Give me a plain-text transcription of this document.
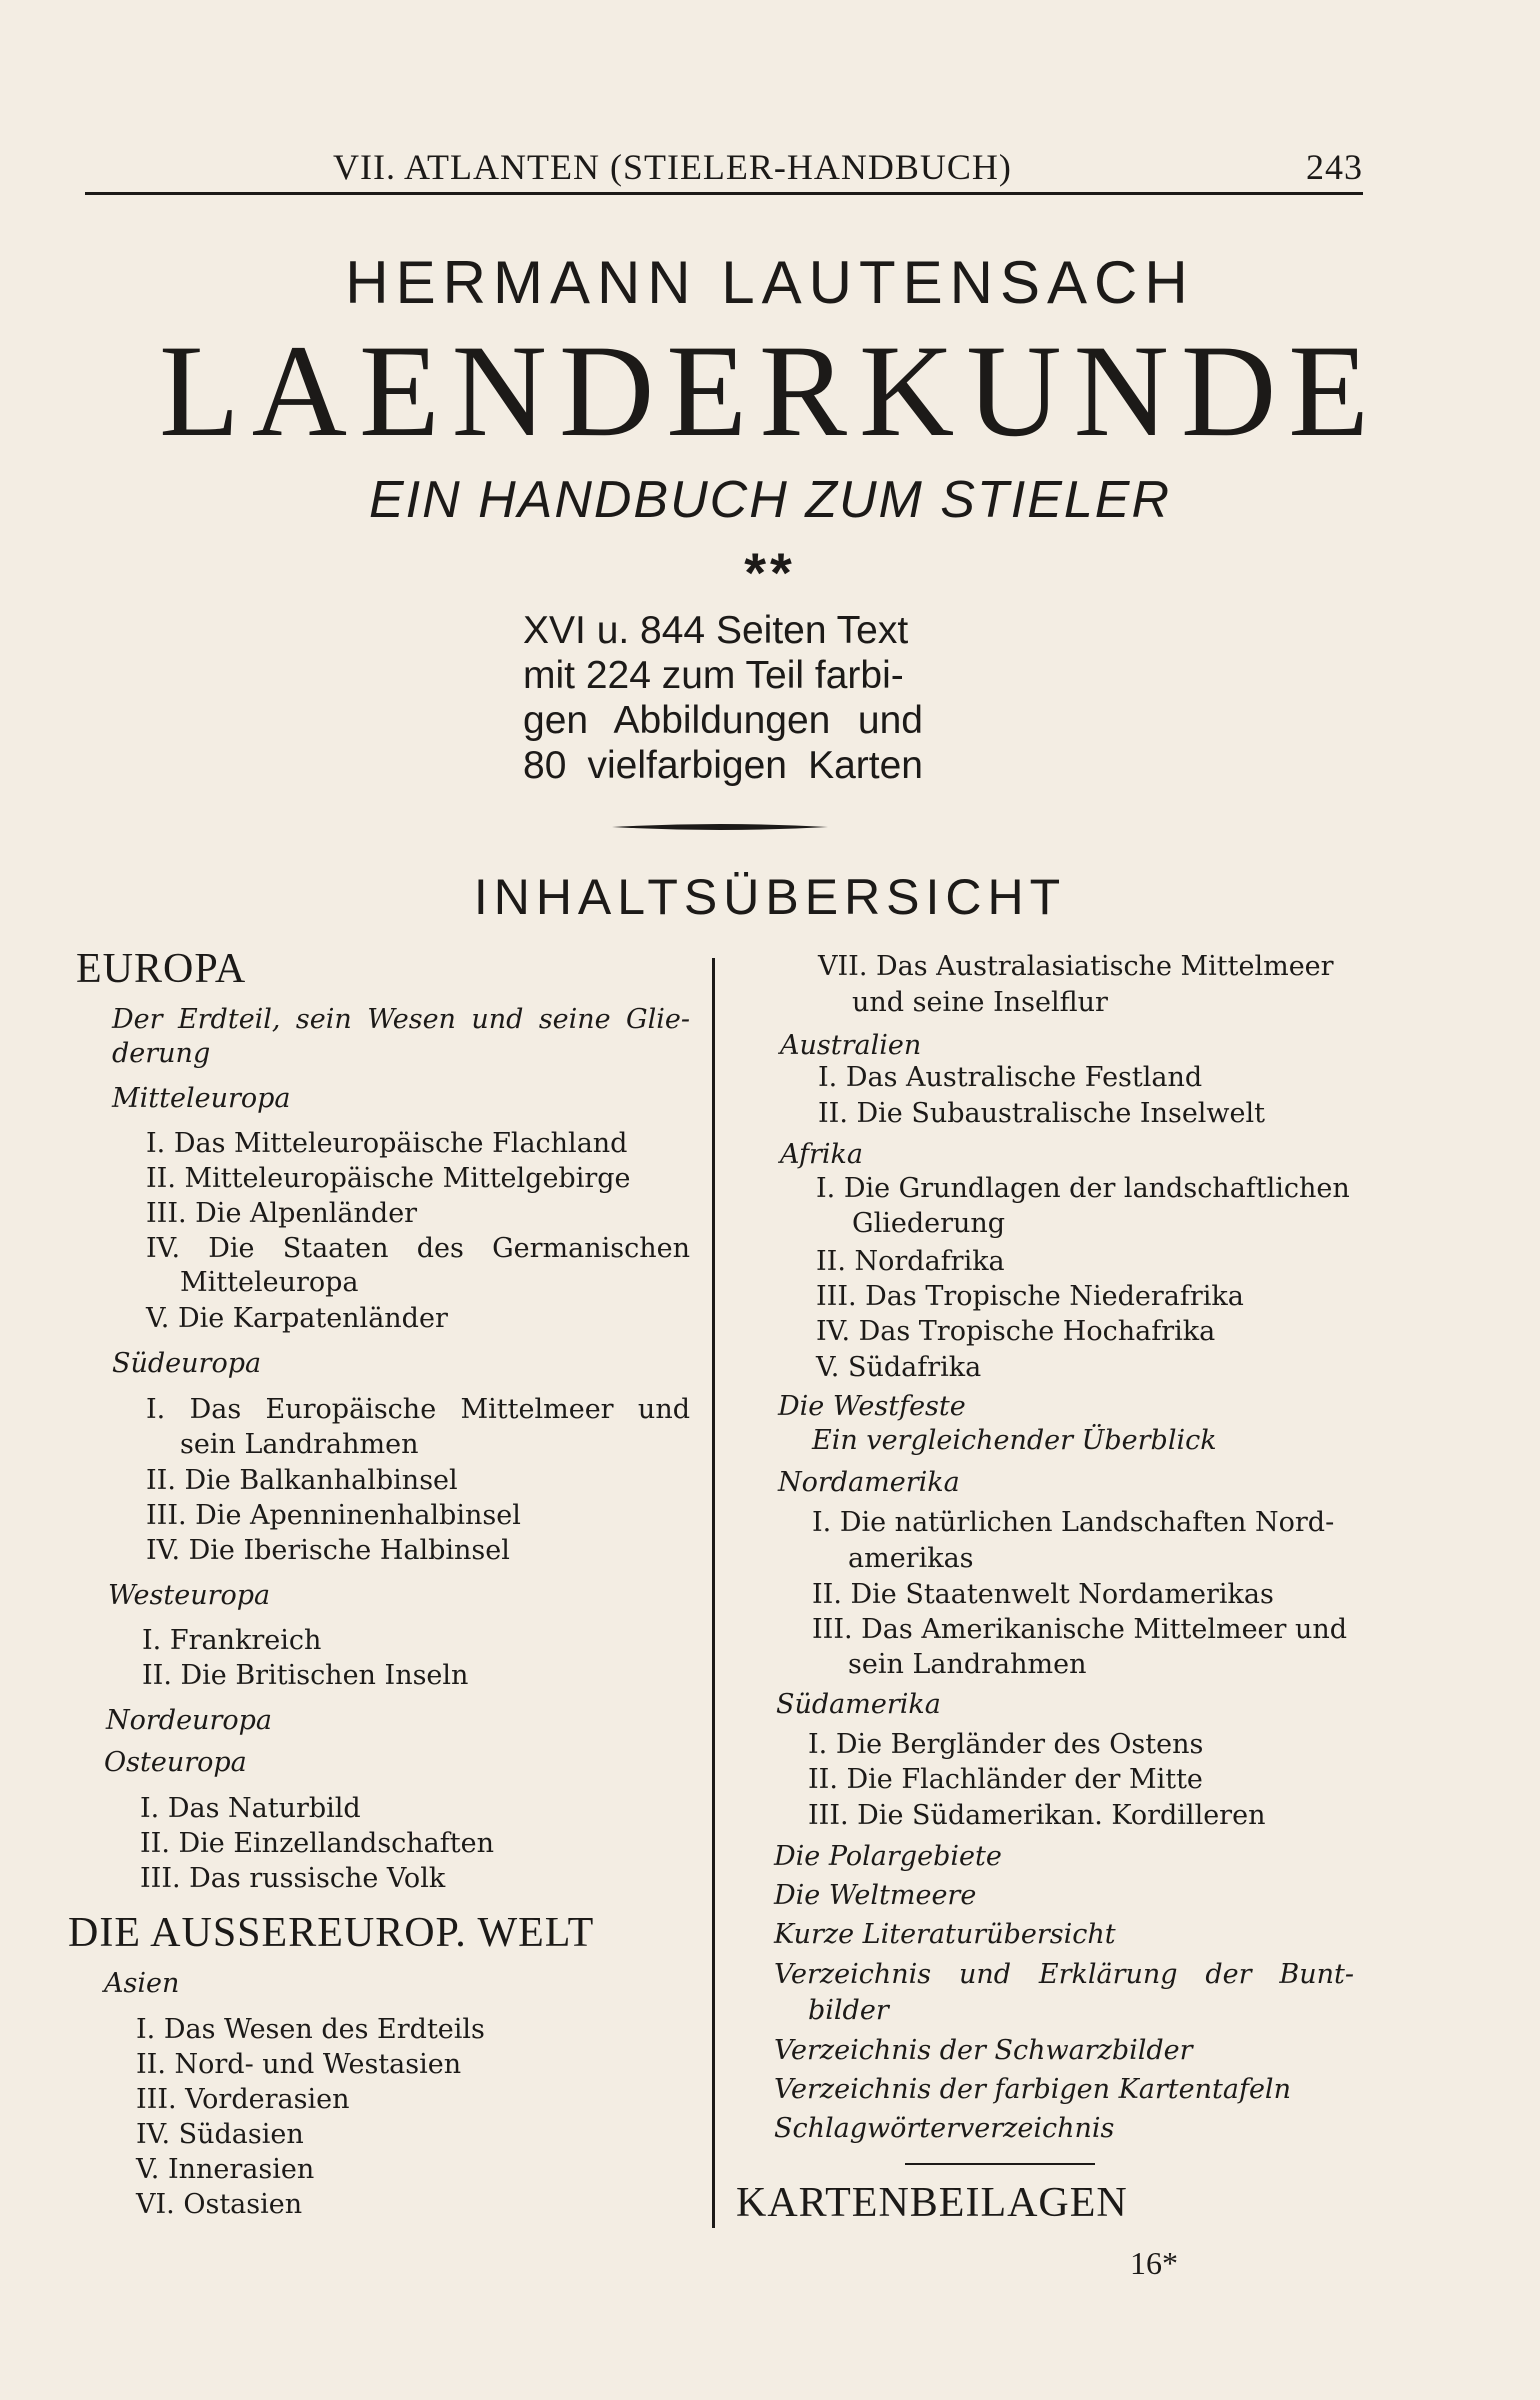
VII. ATLANTEN (STIELER-HANDBUCH)	243
HERMANN LAUTENSACH
LAENDERKUNDE
EIN HANDBUCH ZUM STIELER
**
XVI u. 844 Seiten Text
mit 224 zum Teil farbi-
gen Abbildungen und
80 vielfarbigen Karten
INHALTSÜBERSICHT
EUROPA
Der Erdteil, sein Wesen und seine Glie-
derung
Mitteleuropa
I. Das Mitteleuropäische Flachland
II. Mitteleuropäische Mittelgebirge
III. Die Alpenländer
IV. Die Staaten des Germanischen
Mitteleuropa
V. Die Karpatenländer
Südeuropa
I. Das Europäische Mittelmeer und
sein Landrahmen
II. Die Balkanhalbinsel
III. Die Apenninenhalbinsel
IV. Die Iberische Halbinsel
Westeuropa
I. Frankreich
II. Die Britischen Inseln
Nordeuropa
Osteuropa
I. Das Naturbild
II. Die Einzellandschaften
III. Das russische Volk
DIE AUSSEREUROP. WELT
Asien
I. Das Wesen des Erdteils
II. Nord- und Westasien
III. Vorderasien
IV. Südasien
V. Innerasien
VI. Ostasien
VII. Das Australasiatische Mittelmeer
und seine Inselflur
Australien
I. Das Australische Festland
II. Die Subaustralische Inselwelt
Afrika
I. Die Grundlagen der landschaftlichen
Gliederung
II. Nordafrika
III. Das Tropische Niederafrika
IV. Das Tropische Hochafrika
V. Südafrika
Die Westfeste
Ein vergleichender Überblick
Nordamerika
I. Die natürlichen Landschaften Nord-
amerikas
II. Die Staatenwelt Nordamerikas
III. Das Amerikanische Mittelmeer und
sein Landrahmen
Südamerika
I. Die Bergländer des Ostens
II. Die Flachländer der Mitte
III. Die Südamerikan. Kordilleren
Die Polargebiete
Die Weltmeere
Kurze Literaturübersicht
Verzeichnis und Erklärung der Bunt-
bilder
Verzeichnis der Schwarzbilder
Verzeichnis der farbigen Kartentafeln
Schlagwörterverzeichnis
KARTENBEILAGEN
16*
